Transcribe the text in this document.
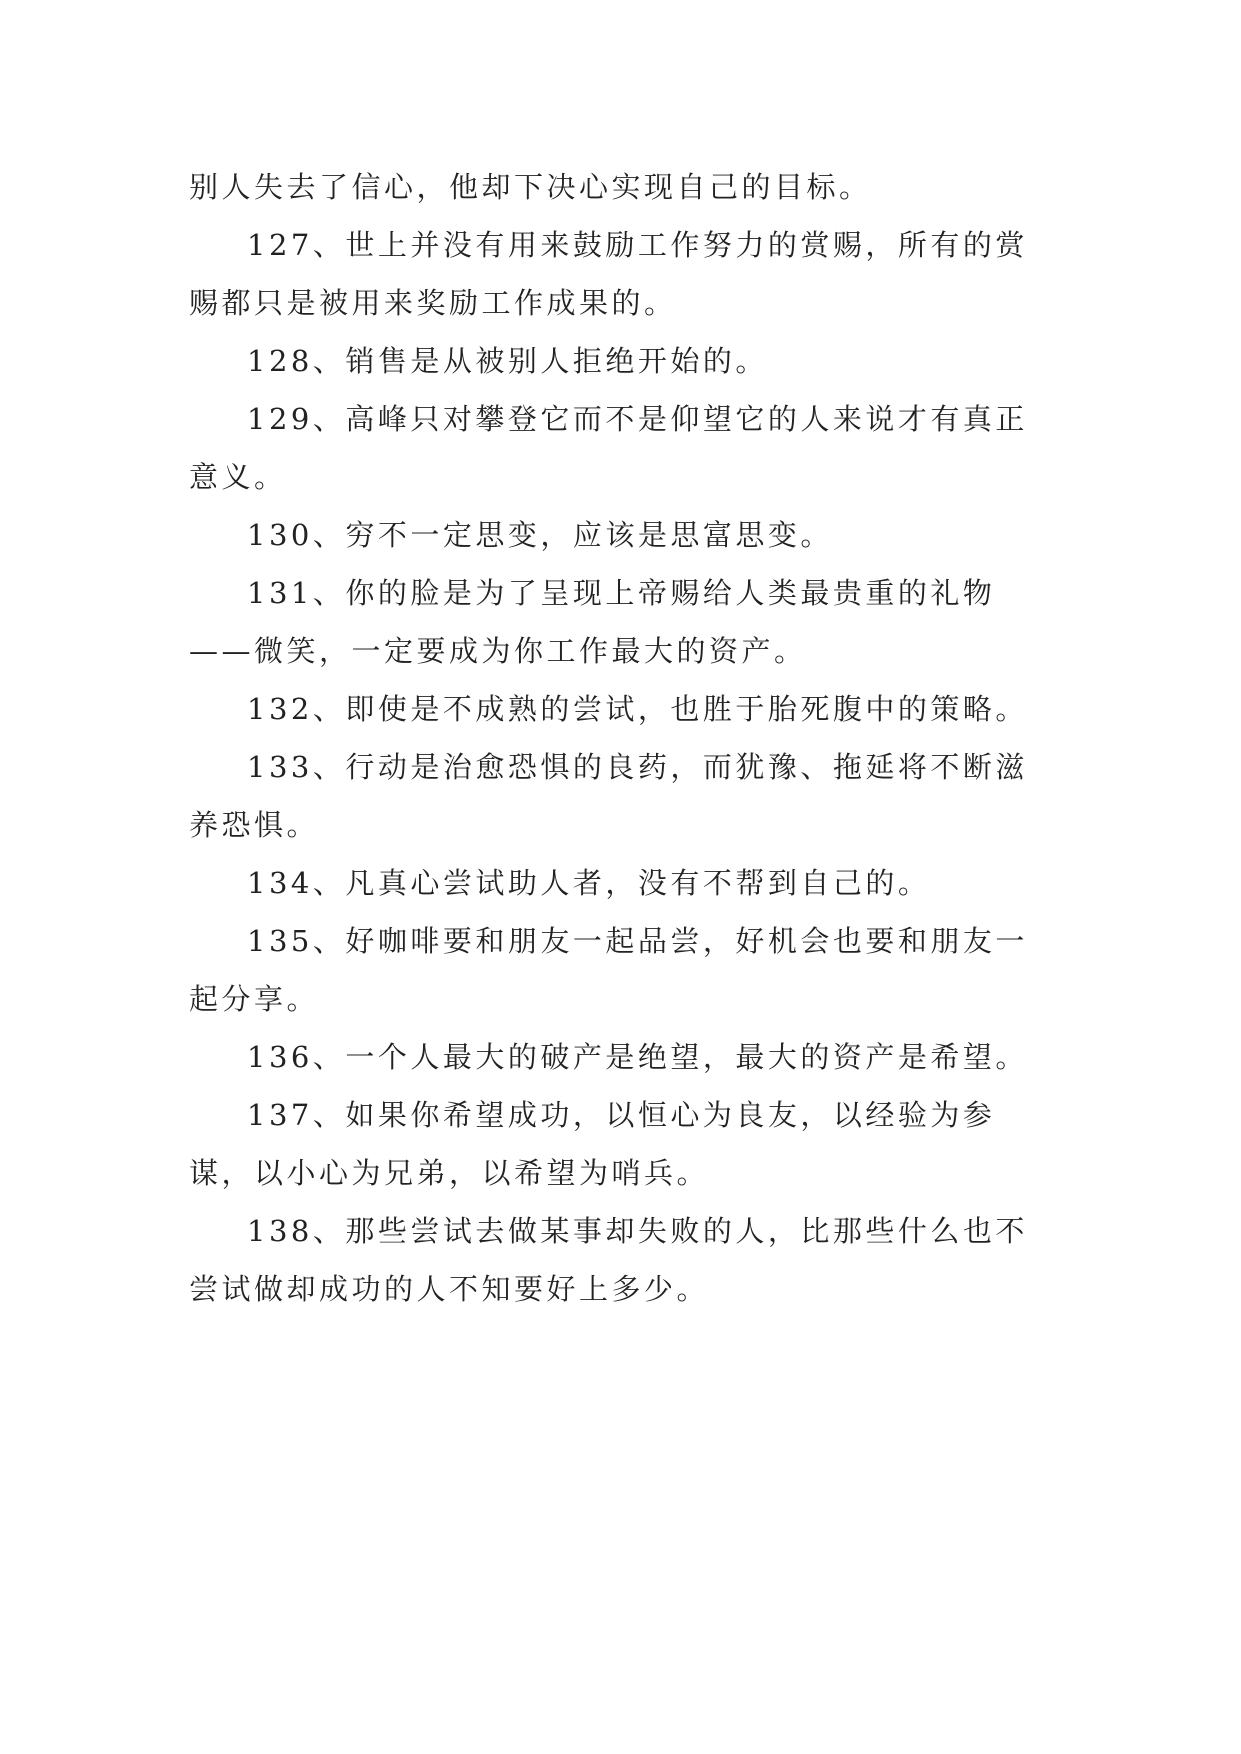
别人失去了信心，他却下决心实现自己的目标。

127、世上并没有用来鼓励工作努力的赏赐，所有的赏赐都只是被用来奖励工作成果的。

128、销售是从被别人拒绝开始的。

129、高峰只对攀登它而不是仰望它的人来说才有真正意义。

130、穷不一定思变，应该是思富思变。

131、你的脸是为了呈现上帝赐给人类最贵重的礼物——微笑，一定要成为你工作最大的资产。

132、即使是不成熟的尝试，也胜于胎死腹中的策略。

133、行动是治愈恐惧的良药，而犹豫、拖延将不断滋养恐惧。

134、凡真心尝试助人者，没有不帮到自己的。

135、好咖啡要和朋友一起品尝，好机会也要和朋友一起分享。

136、一个人最大的破产是绝望，最大的资产是希望。

137、如果你希望成功，以恒心为良友，以经验为参谋，以小心为兄弟，以希望为哨兵。

138、那些尝试去做某事却失败的人，比那些什么也不尝试做却成功的人不知要好上多少。
